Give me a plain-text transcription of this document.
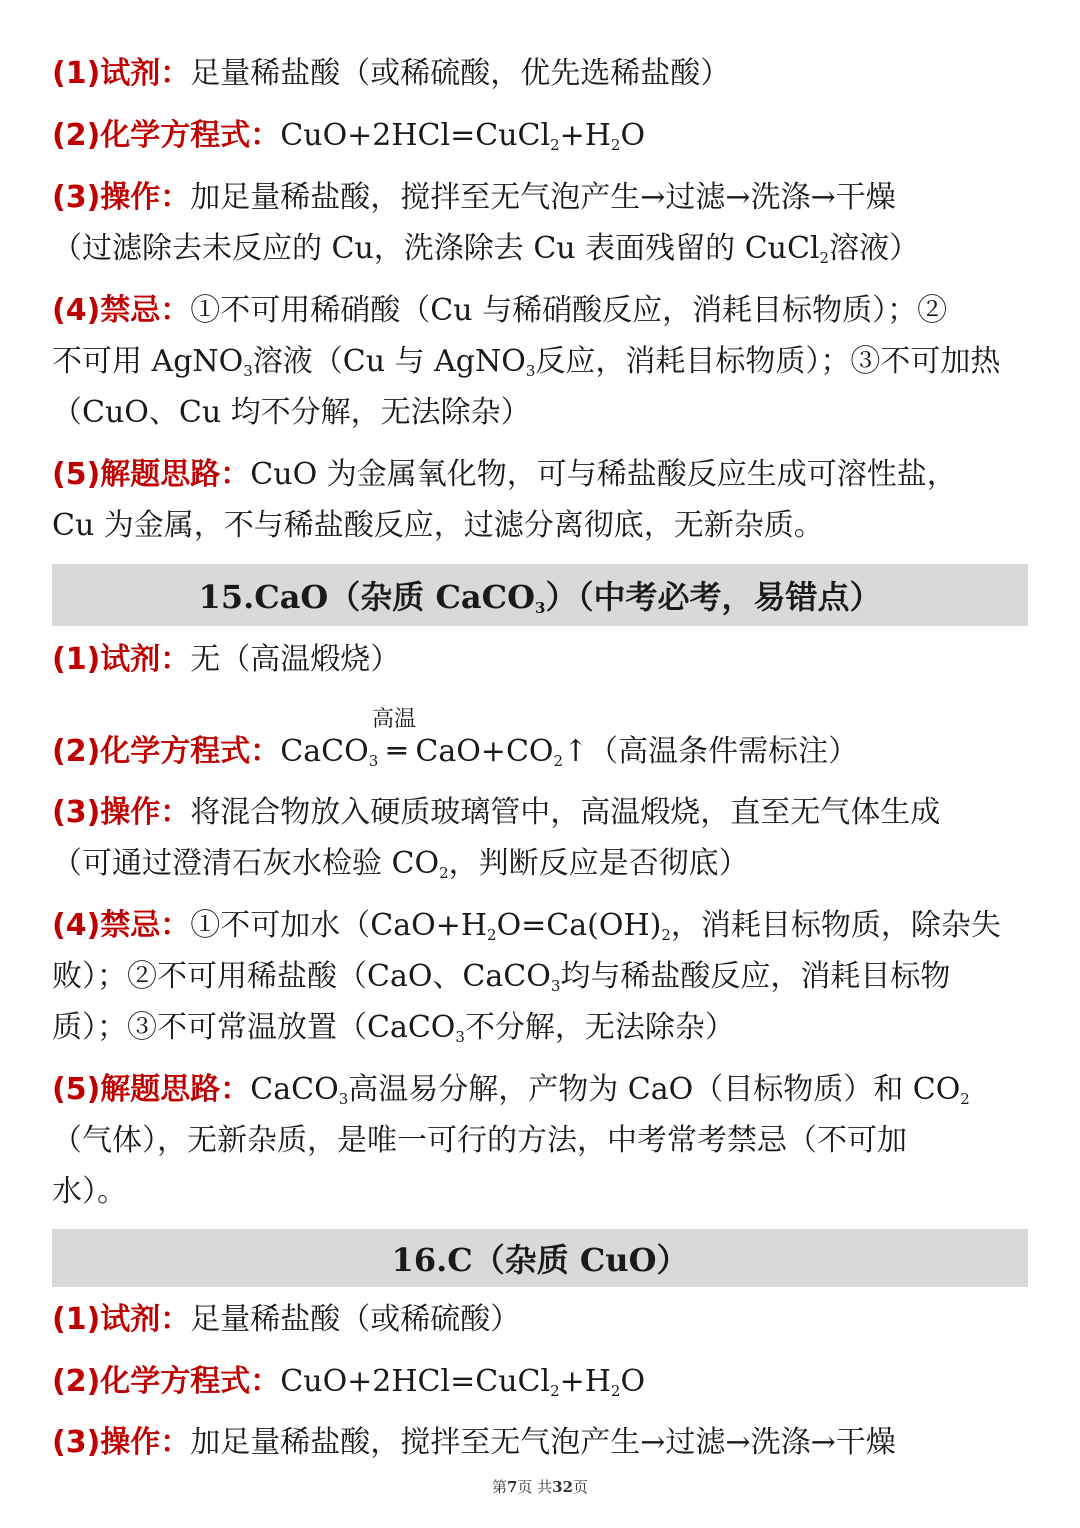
(1)试剂：足量稀盐酸（或稀硫酸，优先选稀盐酸）
(2)化学方程式：$CuO+2HCl=CuCl_2+H_2O$
(3)操作：加足量稀盐酸，搅拌至无气泡产生→过滤→洗涤→干燥
（过滤除去未反应的 Cu，洗涤除去 Cu 表面残留的 CuCl$_2$溶液）
(4)禁忌：①不可用稀硝酸（Cu 与稀硝酸反应，消耗目标物质）；②
不可用 AgNO$_3$溶液（Cu 与 AgNO$_3$反应，消耗目标物质）；③不可加热
（CuO、Cu 均不分解，无法除杂）
(5)解题思路：CuO 为金属氧化物，可与稀盐酸反应生成可溶性盐，
Cu 为金属，不与稀盐酸反应，过滤分离彻底，无新杂质。
15.CaO（杂质 CaCO$_3$）（中考必考，易错点）
(1)试剂：无（高温煅烧）
高温
(2)化学方程式：CaCO$_3$ ═ $CaO+CO_2↑$（高温条件需标注）
(3)操作：将混合物放入硬质玻璃管中，高温煅烧，直至无气体生成
（可通过澄清石灰水检验 $CO_2$，判断反应是否彻底）
(4)禁忌：①不可加水（$CaO+H_2O=Ca(OH)_2$，消耗目标物质，除杂失
败）；②不可用稀盐酸（CaO、CaCO$_3$均与稀盐酸反应，消耗目标物
质）；③不可常温放置（CaCO$_3$不分解，无法除杂）
(5)解题思路：CaCO$_3$高温易分解，产物为 CaO（目标物质）和 $CO_2$
（气体），无新杂质，是唯一可行的方法，中考常考禁忌（不可加
水）。
16.C（杂质 CuO）
(1)试剂：足量稀盐酸（或稀硫酸）
(2)化学方程式：$CuO+2HCl=CuCl_2+H_2O$
(3)操作：加足量稀盐酸，搅拌至无气泡产生→过滤→洗涤→干燥
第7页 共32页
